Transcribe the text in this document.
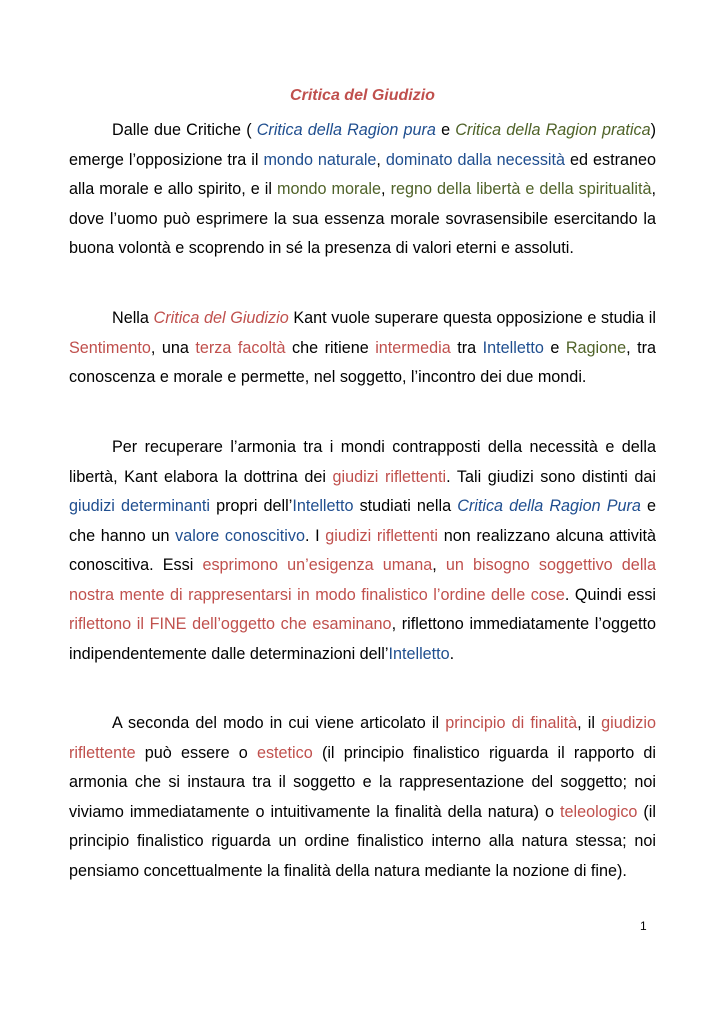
Critica del Giudizio

Dalle due Critiche ( Critica della Ragion pura e Critica della Ragion pratica) emerge l’opposizione tra il mondo naturale, dominato dalla necessità ed estraneo alla morale e allo spirito, e il mondo morale, regno della libertà e della spiritualità, dove l’uomo può esprimere la sua essenza morale sovrasensibile esercitando la buona volontà e scoprendo in sé la presenza di valori eterni e assoluti.

Nella Critica del Giudizio Kant vuole superare questa opposizione e studia il Sentimento, una terza facoltà che ritiene intermedia tra Intelletto e Ragione, tra conoscenza e morale e permette, nel soggetto, l’incontro dei due mondi.

Per recuperare l’armonia tra i mondi contrapposti della necessità e della libertà, Kant elabora la dottrina dei giudizi riflettenti. Tali giudizi sono distinti dai giudizi determinanti propri dell’Intelletto studiati nella Critica della Ragion Pura e che hanno un valore conoscitivo. I giudizi riflettenti non realizzano alcuna attività conoscitiva. Essi esprimono un’esigenza umana, un bisogno soggettivo della nostra mente di rappresentarsi in modo finalistico l’ordine delle cose. Quindi essi riflettono il FINE dell’oggetto che esaminano, riflettono immediatamente l’oggetto indipendentemente dalle determinazioni dell’Intelletto.

A seconda del modo in cui viene articolato il principio di finalità, il giudizio riflettente può essere o estetico (il principio finalistico riguarda il rapporto di armonia che si instaura tra il soggetto e la rappresentazione del soggetto; noi viviamo immediatamente o intuitivamente la finalità della natura) o teleologico (il principio finalistico riguarda un ordine finalistico interno alla natura stessa; noi pensiamo concettualmente la finalità della natura mediante la nozione di fine).

1
